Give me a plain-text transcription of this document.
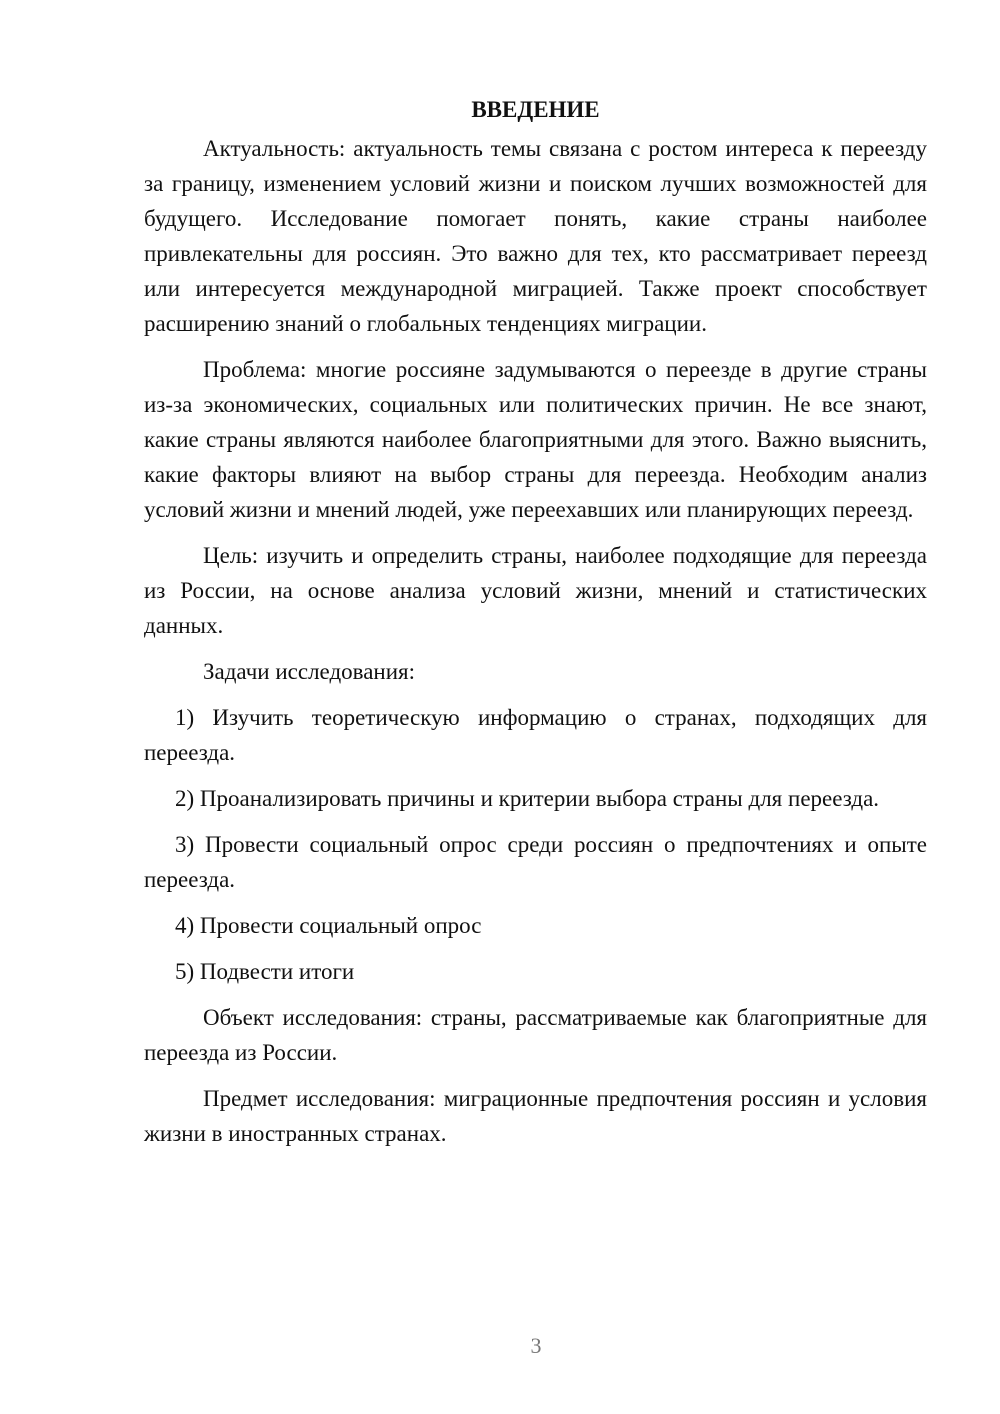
ВВЕДЕНИЕ

Актуальность: актуальность темы связана с ростом интереса к переезду за границу, изменением условий жизни и поиском лучших возможностей для будущего. Исследование помогает понять, какие страны наиболее привлекательны для россиян. Это важно для тех, кто рассматривает переезд или интересуется международной миграцией. Также проект способствует расширению знаний о глобальных тенденциях миграции.

Проблема: многие россияне задумываются о переезде в другие страны из-за экономических, социальных или политических причин. Не все знают, какие страны являются наиболее благоприятными для этого. Важно выяснить, какие факторы влияют на выбор страны для переезда. Необходим анализ условий жизни и мнений людей, уже переехавших или планирующих переезд.

Цель: изучить и определить страны, наиболее подходящие для переезда из России, на основе анализа условий жизни, мнений и статистических данных.

Задачи исследования:

1) Изучить теоретическую информацию о странах, подходящих для переезда.

2) Проанализировать причины и критерии выбора страны для переезда.

3) Провести социальный опрос среди россиян о предпочтениях и опыте переезда.

4) Провести социальный опрос

5) Подвести итоги

Объект исследования: страны, рассматриваемые как благоприятные для переезда из России.

Предмет исследования: миграционные предпочтения россиян и условия жизни в иностранных странах.

3
